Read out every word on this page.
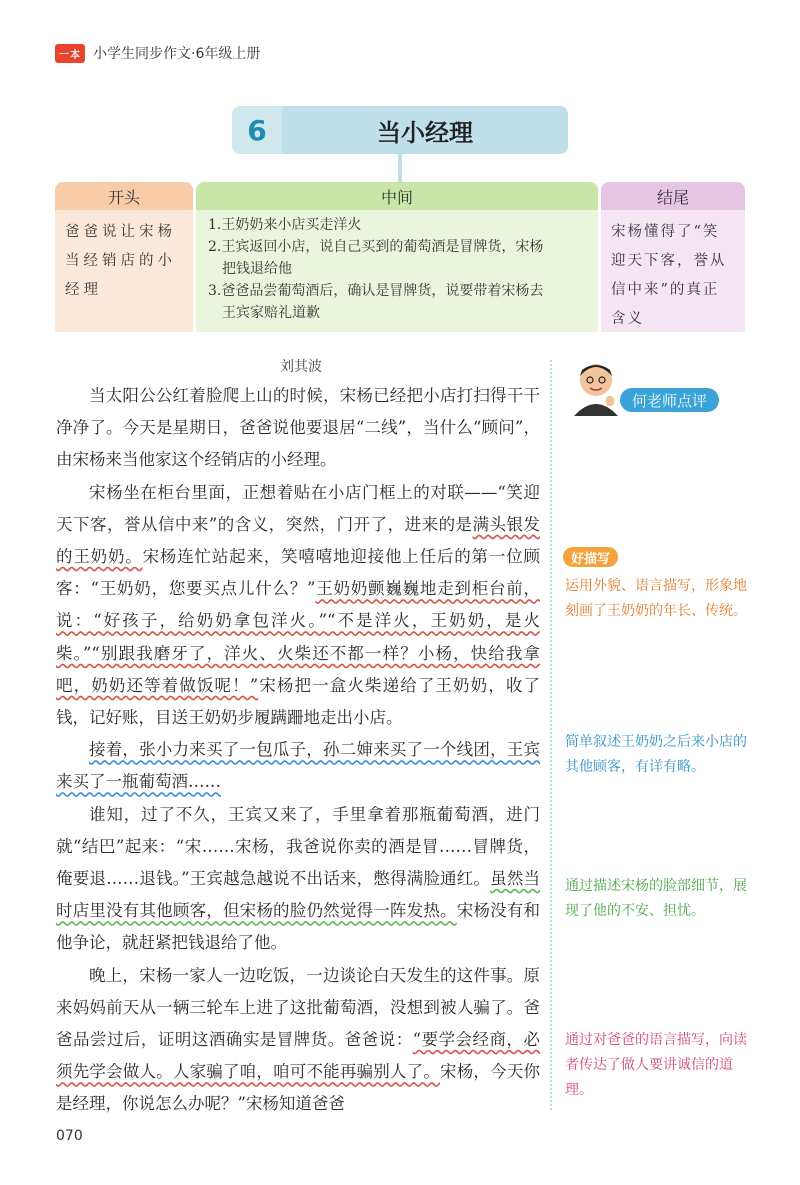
一本 小学生同步作文·6年级上册
6	当小经理
开头
爸爸说让宋杨当经销店的小经理
中间
1.王奶奶来小店买走洋火
2.王宾返回小店，说自己买到的葡萄酒是冒牌货，宋杨
把钱退给他
3.爸爸品尝葡萄酒后，确认是冒牌货，说要带着宋杨去
王宾家赔礼道歉
结尾
宋杨懂得了“笑迎天下客，誉从信中来”的真正含义
刘其波

当太阳公公红着脸爬上山的时候，宋杨已经把小店打扫得干干净净了。今天是星期日，爸爸说他要退居“二线”，当什么“顾问”，由宋杨来当他家这个经销店的小经理。

宋杨坐在柜台里面，正想着贴在小店门框上的对联——“笑迎天下客，誉从信中来”的含义，突然，门开了，进来的是满头银发的王奶奶。宋杨连忙站起来，笑嘻嘻地迎接他上任后的第一位顾客：“王奶奶，您要买点儿什么？”王奶奶颤巍巍地走到柜台前，说：“好孩子，给奶奶拿包洋火。”“不是洋火，王奶奶，是火柴。”“别跟我磨牙了，洋火、火柴还不都一样？小杨，快给我拿吧，奶奶还等着做饭呢！”宋杨把一盒火柴递给了王奶奶，收了钱，记好账，目送王奶奶步履蹒跚地走出小店。

接着，张小力来买了一包瓜子，孙二婶来买了一个线团，王宾来买了一瓶葡萄酒……

谁知，过了不久，王宾又来了，手里拿着那瓶葡萄酒，进门就“结巴”起来：“宋……宋杨，我爸说你卖的酒是冒……冒牌货，俺要退……退钱。”王宾越急越说不出话来，憋得满脸通红。虽然当时店里没有其他顾客，但宋杨的脸仍然觉得一阵发热。宋杨没有和他争论，就赶紧把钱退给了他。

晚上，宋杨一家人一边吃饭，一边谈论白天发生的这件事。原来妈妈前天从一辆三轮车上进了这批葡萄酒，没想到被人骗了。爸爸品尝过后，证明这酒确实是冒牌货。爸爸说：“要学会经商，必须先学会做人。人家骗了咱，咱可不能再骗别人了。宋杨，今天你是经理，你说怎么办呢？”宋杨知道爸爸

何老师点评
好描写
运用外貌、语言描写，形象地刻画了王奶奶的年长、传统。
简单叙述王奶奶之后来小店的其他顾客，有详有略。
通过描述宋杨的脸部细节，展现了他的不安、担忧。
通过对爸爸的语言描写，向读者传达了做人要讲诚信的道理。
070
